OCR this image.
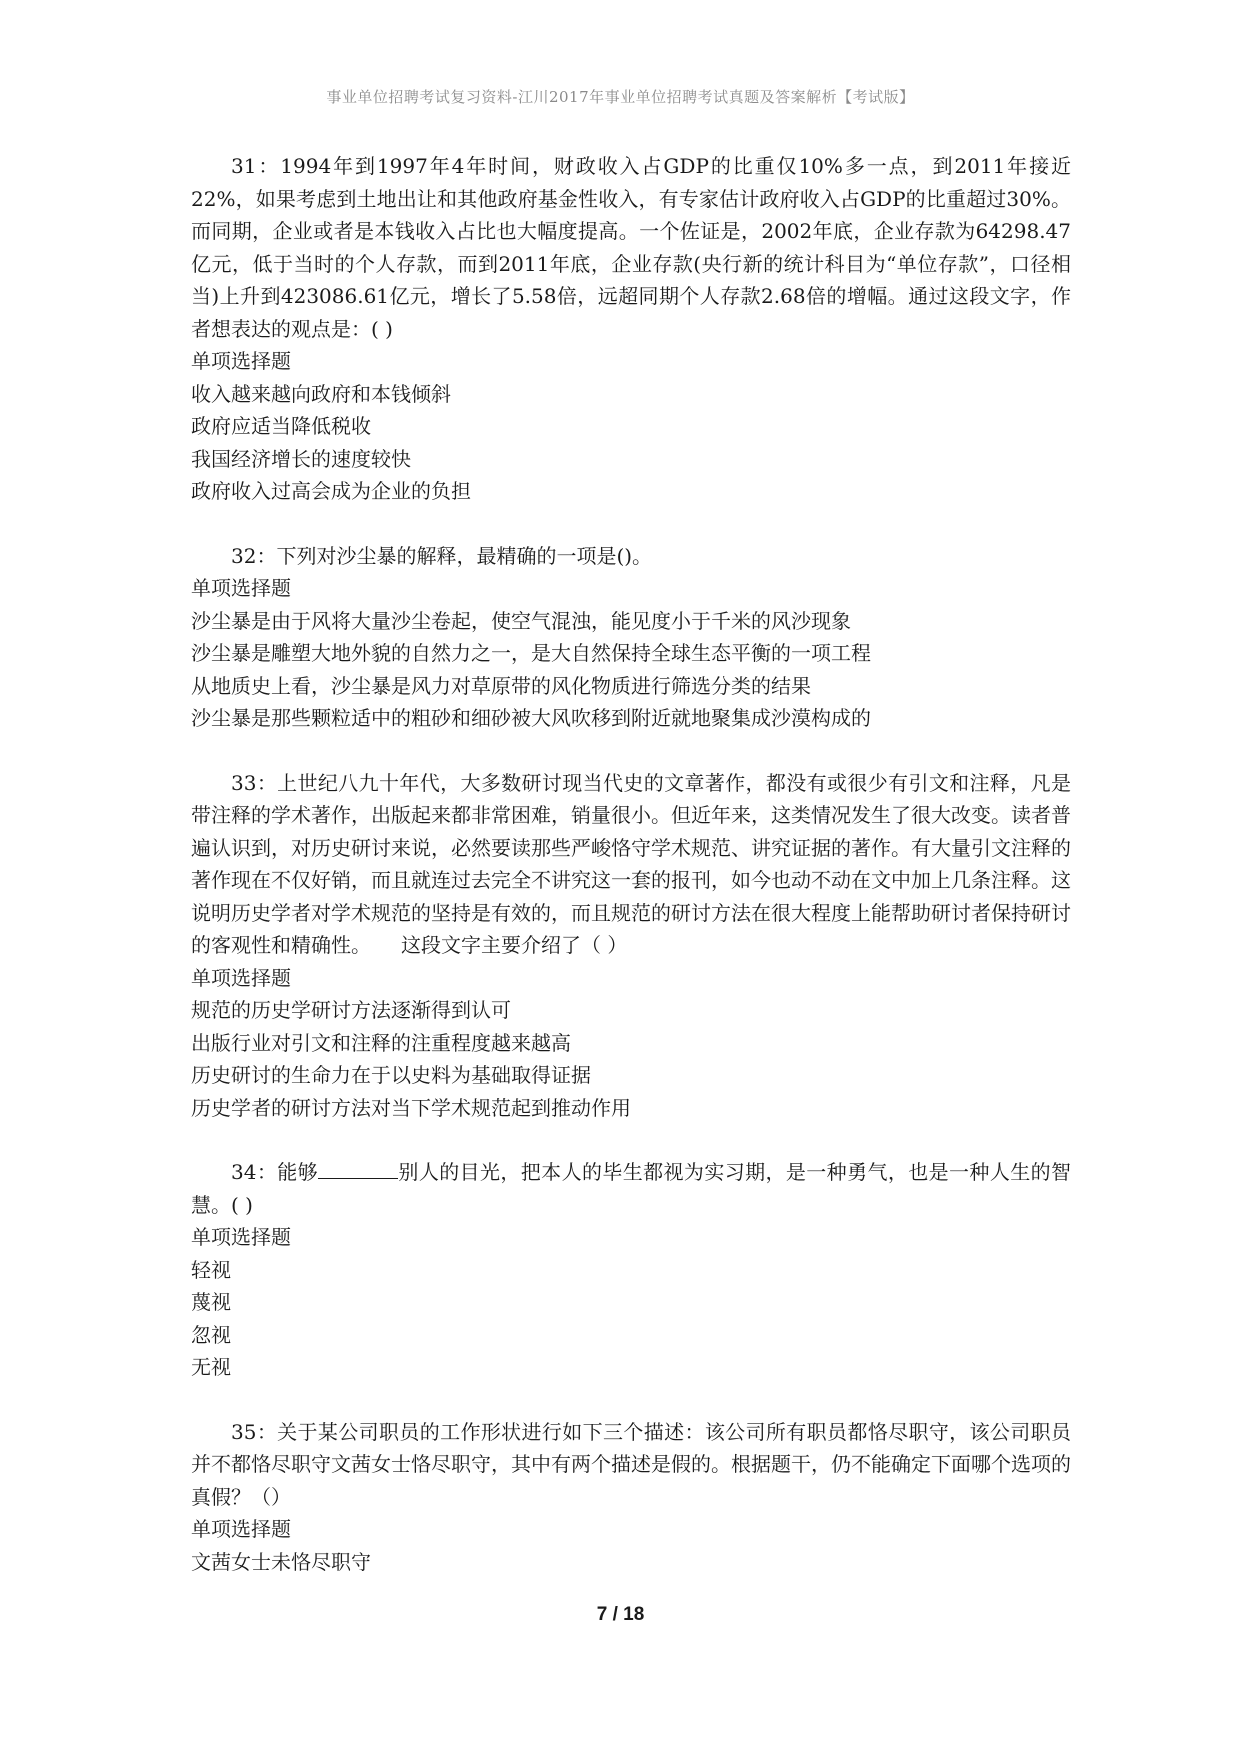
事业单位招聘考试复习资料-江川2017年事业单位招聘考试真题及答案解析【考试版】

31：1994年到1997年4年时间，财政收入占GDP的比重仅10%多一点，到2011年接近22%，如果考虑到土地出让和其他政府基金性收入，有专家估计政府收入占GDP的比重超过30%。而同期，企业或者是本钱收入占比也大幅度提高。一个佐证是，2002年底，企业存款为64298.47亿元，低于当时的个人存款，而到2011年底，企业存款(央行新的统计科目为“单位存款”，口径相当)上升到423086.61亿元，增长了5.58倍，远超同期个人存款2.68倍的增幅。通过这段文字，作者想表达的观点是：( )

单项选择题

收入越来越向政府和本钱倾斜

政府应适当降低税收

我国经济增长的速度较快

政府收入过高会成为企业的负担

32：下列对沙尘暴的解释，最精确的一项是()。

单项选择题

沙尘暴是由于风将大量沙尘卷起，使空气混浊，能见度小于千米的风沙现象

沙尘暴是雕塑大地外貌的自然力之一，是大自然保持全球生态平衡的一项工程

从地质史上看，沙尘暴是风力对草原带的风化物质进行筛选分类的结果

沙尘暴是那些颗粒适中的粗砂和细砂被大风吹移到附近就地聚集成沙漠构成的

33：上世纪八九十年代，大多数研讨现当代史的文章著作，都没有或很少有引文和注释，凡是带注释的学术著作，出版起来都非常困难，销量很小。但近年来，这类情况发生了很大改变。读者普遍认识到，对历史研讨来说，必然要读那些严峻恪守学术规范、讲究证据的著作。有大量引文注释的著作现在不仅好销，而且就连过去完全不讲究这一套的报刊，如今也动不动在文中加上几条注释。这说明历史学者对学术规范的坚持是有效的，而且规范的研讨方法在很大程度上能帮助研讨者保持研讨的客观性和精确性。　　这段文字主要介绍了（ ）

单项选择题

规范的历史学研讨方法逐渐得到认可

出版行业对引文和注释的注重程度越来越高

历史研讨的生命力在于以史料为基础取得证据

历史学者的研讨方法对当下学术规范起到推动作用

34：能够	别人的目光，把本人的毕生都视为实习期，是一种勇气，也是一种人生的智慧。( )

单项选择题

轻视

蔑视

忽视

无视

35：关于某公司职员的工作形状进行如下三个描述：该公司所有职员都恪尽职守，该公司职员并不都恪尽职守文茜女士恪尽职守，其中有两个描述是假的。根据题干，仍不能确定下面哪个选项的真假？（）

单项选择题

文茜女士未恪尽职守

7 / 18
